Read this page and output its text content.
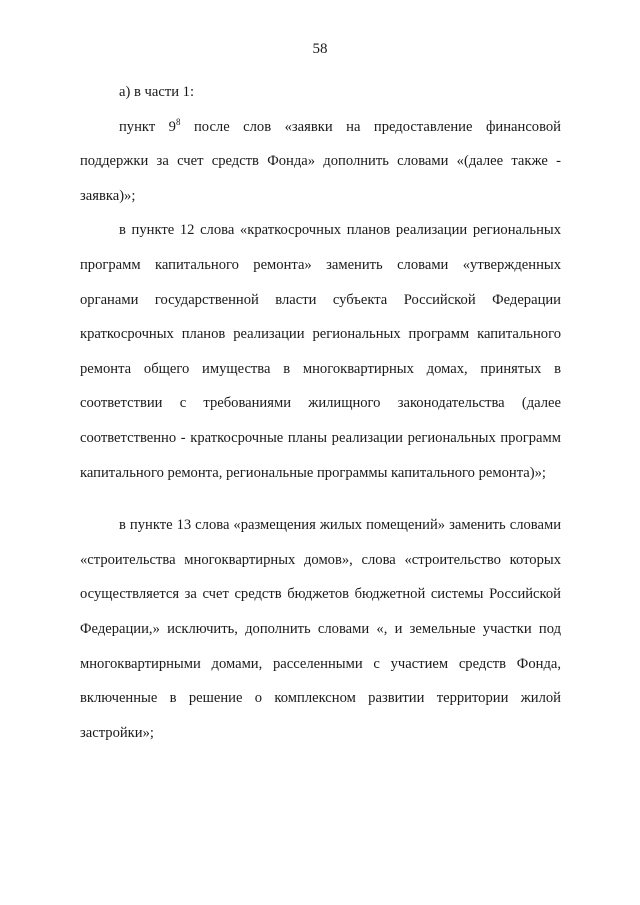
58

а) в части 1:

пункт $9^8$ после слов «заявки на предоставление финансовой поддержки за счет средств Фонда» дополнить словами «(далее также - заявка)»;

в пункте 12 слова «краткосрочных планов реализации региональных программ капитального ремонта» заменить словами «утвержденных органами государственной власти субъекта Российской Федерации краткосрочных планов реализации региональных программ капитального ремонта общего имущества в многоквартирных домах, принятых в соответствии с требованиями жилищного законодательства (далее соответственно - краткосрочные планы реализации региональных программ капитального ремонта, региональные программы капитального ремонта)»;

в пункте 13 слова «размещения жилых помещений» заменить словами «строительства многоквартирных домов», слова «строительство которых осуществляется за счет средств бюджетов бюджетной системы Российской Федерации,» исключить, дополнить словами «, и земельные участки под многоквартирными домами, расселенными с участием средств Фонда, включенные в решение о комплексном развитии территории жилой застройки»;
